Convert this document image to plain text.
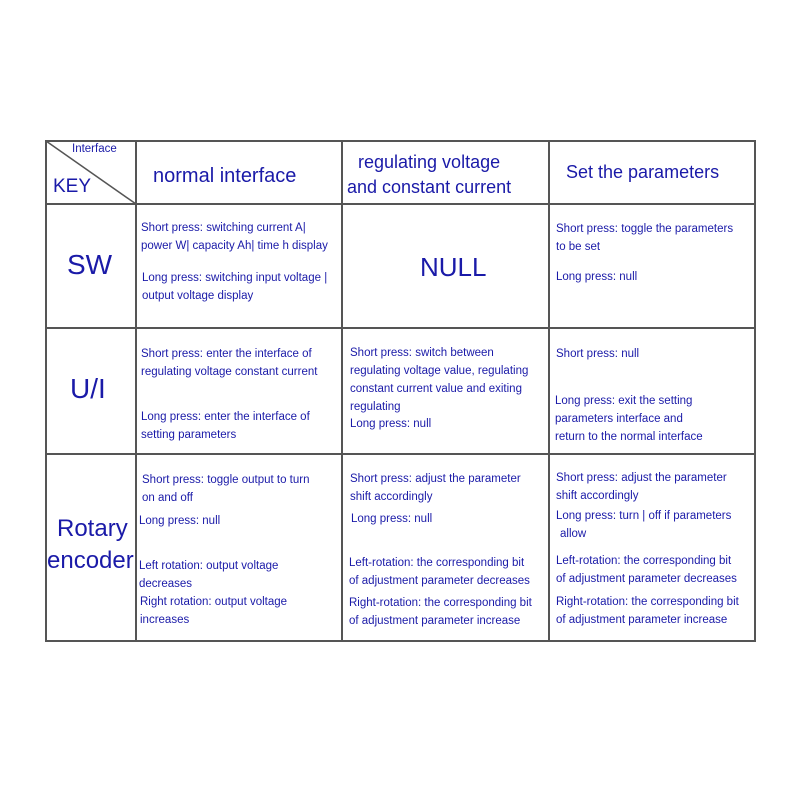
Interface
KEY	normal interface
regulating voltage
and constant current
Set the parameters
SW
Short press: switching current A|
power W| capacity Ah| time h display
Long press: switching input voltage |
output voltage display
NULL
Short press: toggle the parameters
to be set
Long press: null
U/I
Short press: enter the interface of
regulating voltage constant current
Long press: enter the interface of
setting parameters
Short press: switch between
regulating voltage value, regulating
constant current value and exiting
regulating
Long press: null
Short press: null
Long press: exit the setting
parameters interface and
return to the normal interface
Rotary
encoder
Short press: toggle output to turn
on and off
Long press: null
Left rotation: output voltage
decreases
Right rotation: output voltage
increases
Short press: adjust the parameter
shift accordingly
Long press: null
Left-rotation: the corresponding bit
of adjustment parameter decreases
Right-rotation: the corresponding bit
of adjustment parameter increase
Short press: adjust the parameter
shift accordingly
Long press: turn | off if parameters
allow
Left-rotation: the corresponding bit
of adjustment parameter decreases
Right-rotation: the corresponding bit
of adjustment parameter increase
